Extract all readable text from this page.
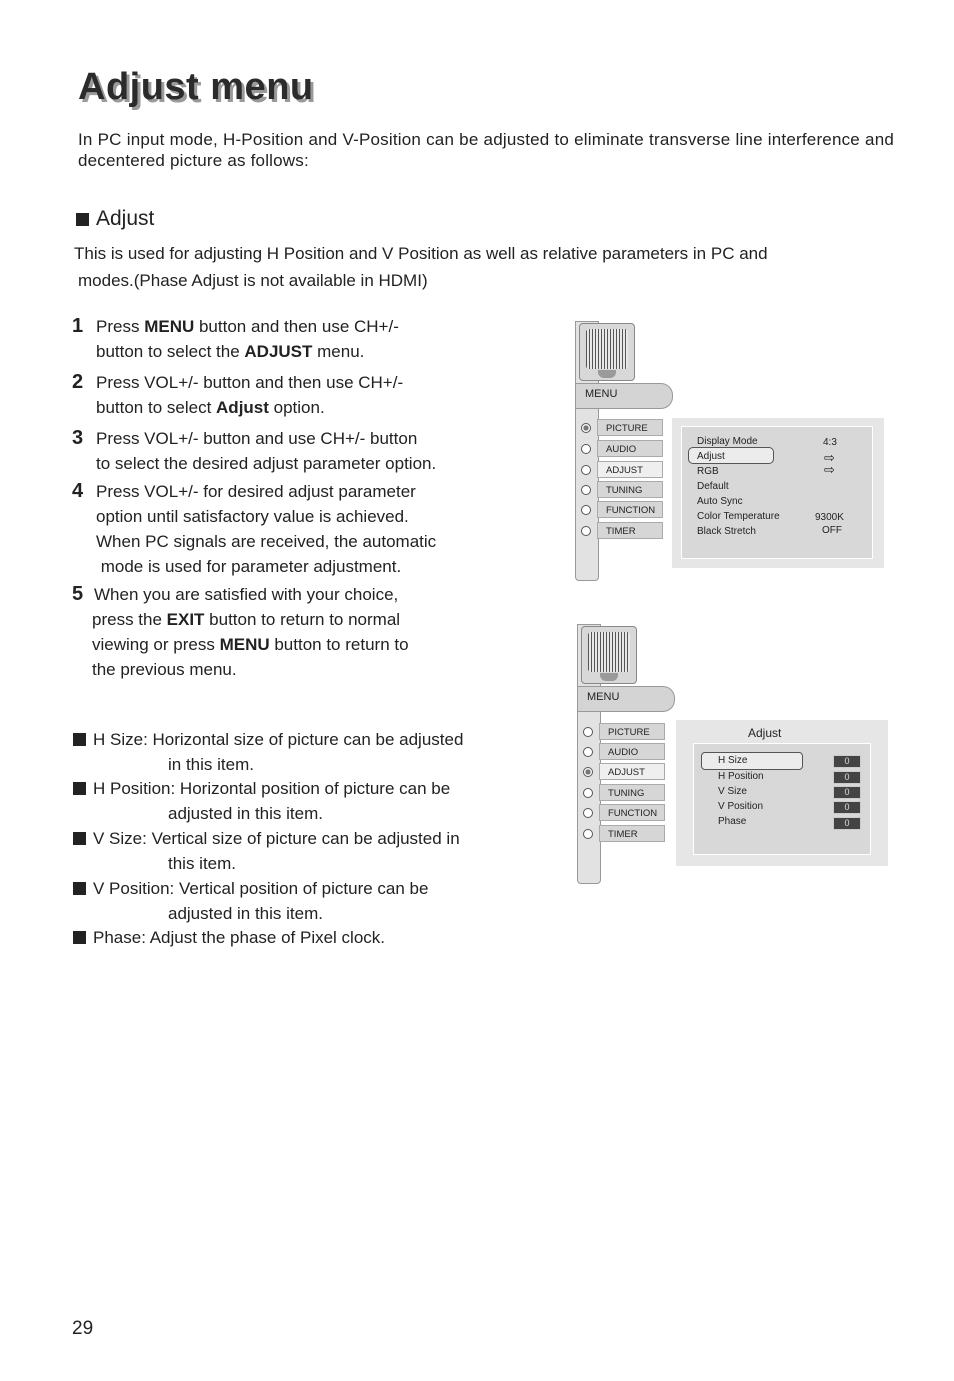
Adjust menu
In PC input mode, H-Position and V-Position can be adjusted to eliminate transverse line interference and decentered picture as follows:
Adjust
This is used for adjusting H Position and V Position as well as relative parameters in PC and
modes.(Phase Adjust is not available in HDMI)
1 Press MENU button and then use CH+/-
button to select the ADJUST menu.
2 Press VOL+/- button and then use CH+/-
button to select Adjust option.
3 Press VOL+/- button and use CH+/- button
to select the desired adjust parameter option.
4 Press VOL+/- for desired adjust parameter
option until satisfactory value is achieved.
When PC signals are received, the automatic
mode is used for parameter adjustment.
5 When you are satisfied with your choice,
press the EXIT button to return to normal
viewing or press MENU button to return to
the previous menu.
H Size: Horizontal size of picture can be adjusted
in this item.
H Position: Horizontal position of picture can be
adjusted in this item.
V Size: Vertical size of picture can be adjusted in
this item.
V Position: Vertical position of picture can be
adjusted in this item.
Phase: Adjust the phase of Pixel clock.
MENU
PICTURE
AUDIO
ADJUST
TUNING
FUNCTION
TIMER
Display Mode
Adjust
RGB
Default
Auto Sync
Color Temperature
Black Stretch
4:3
⇨
⇨
9300K
OFF
MENU
PICTURE
AUDIO
ADJUST
TUNING
FUNCTION
TIMER
Adjust
H Size
H Position
V Size
V Position
Phase
0
0
0
0
0
29
